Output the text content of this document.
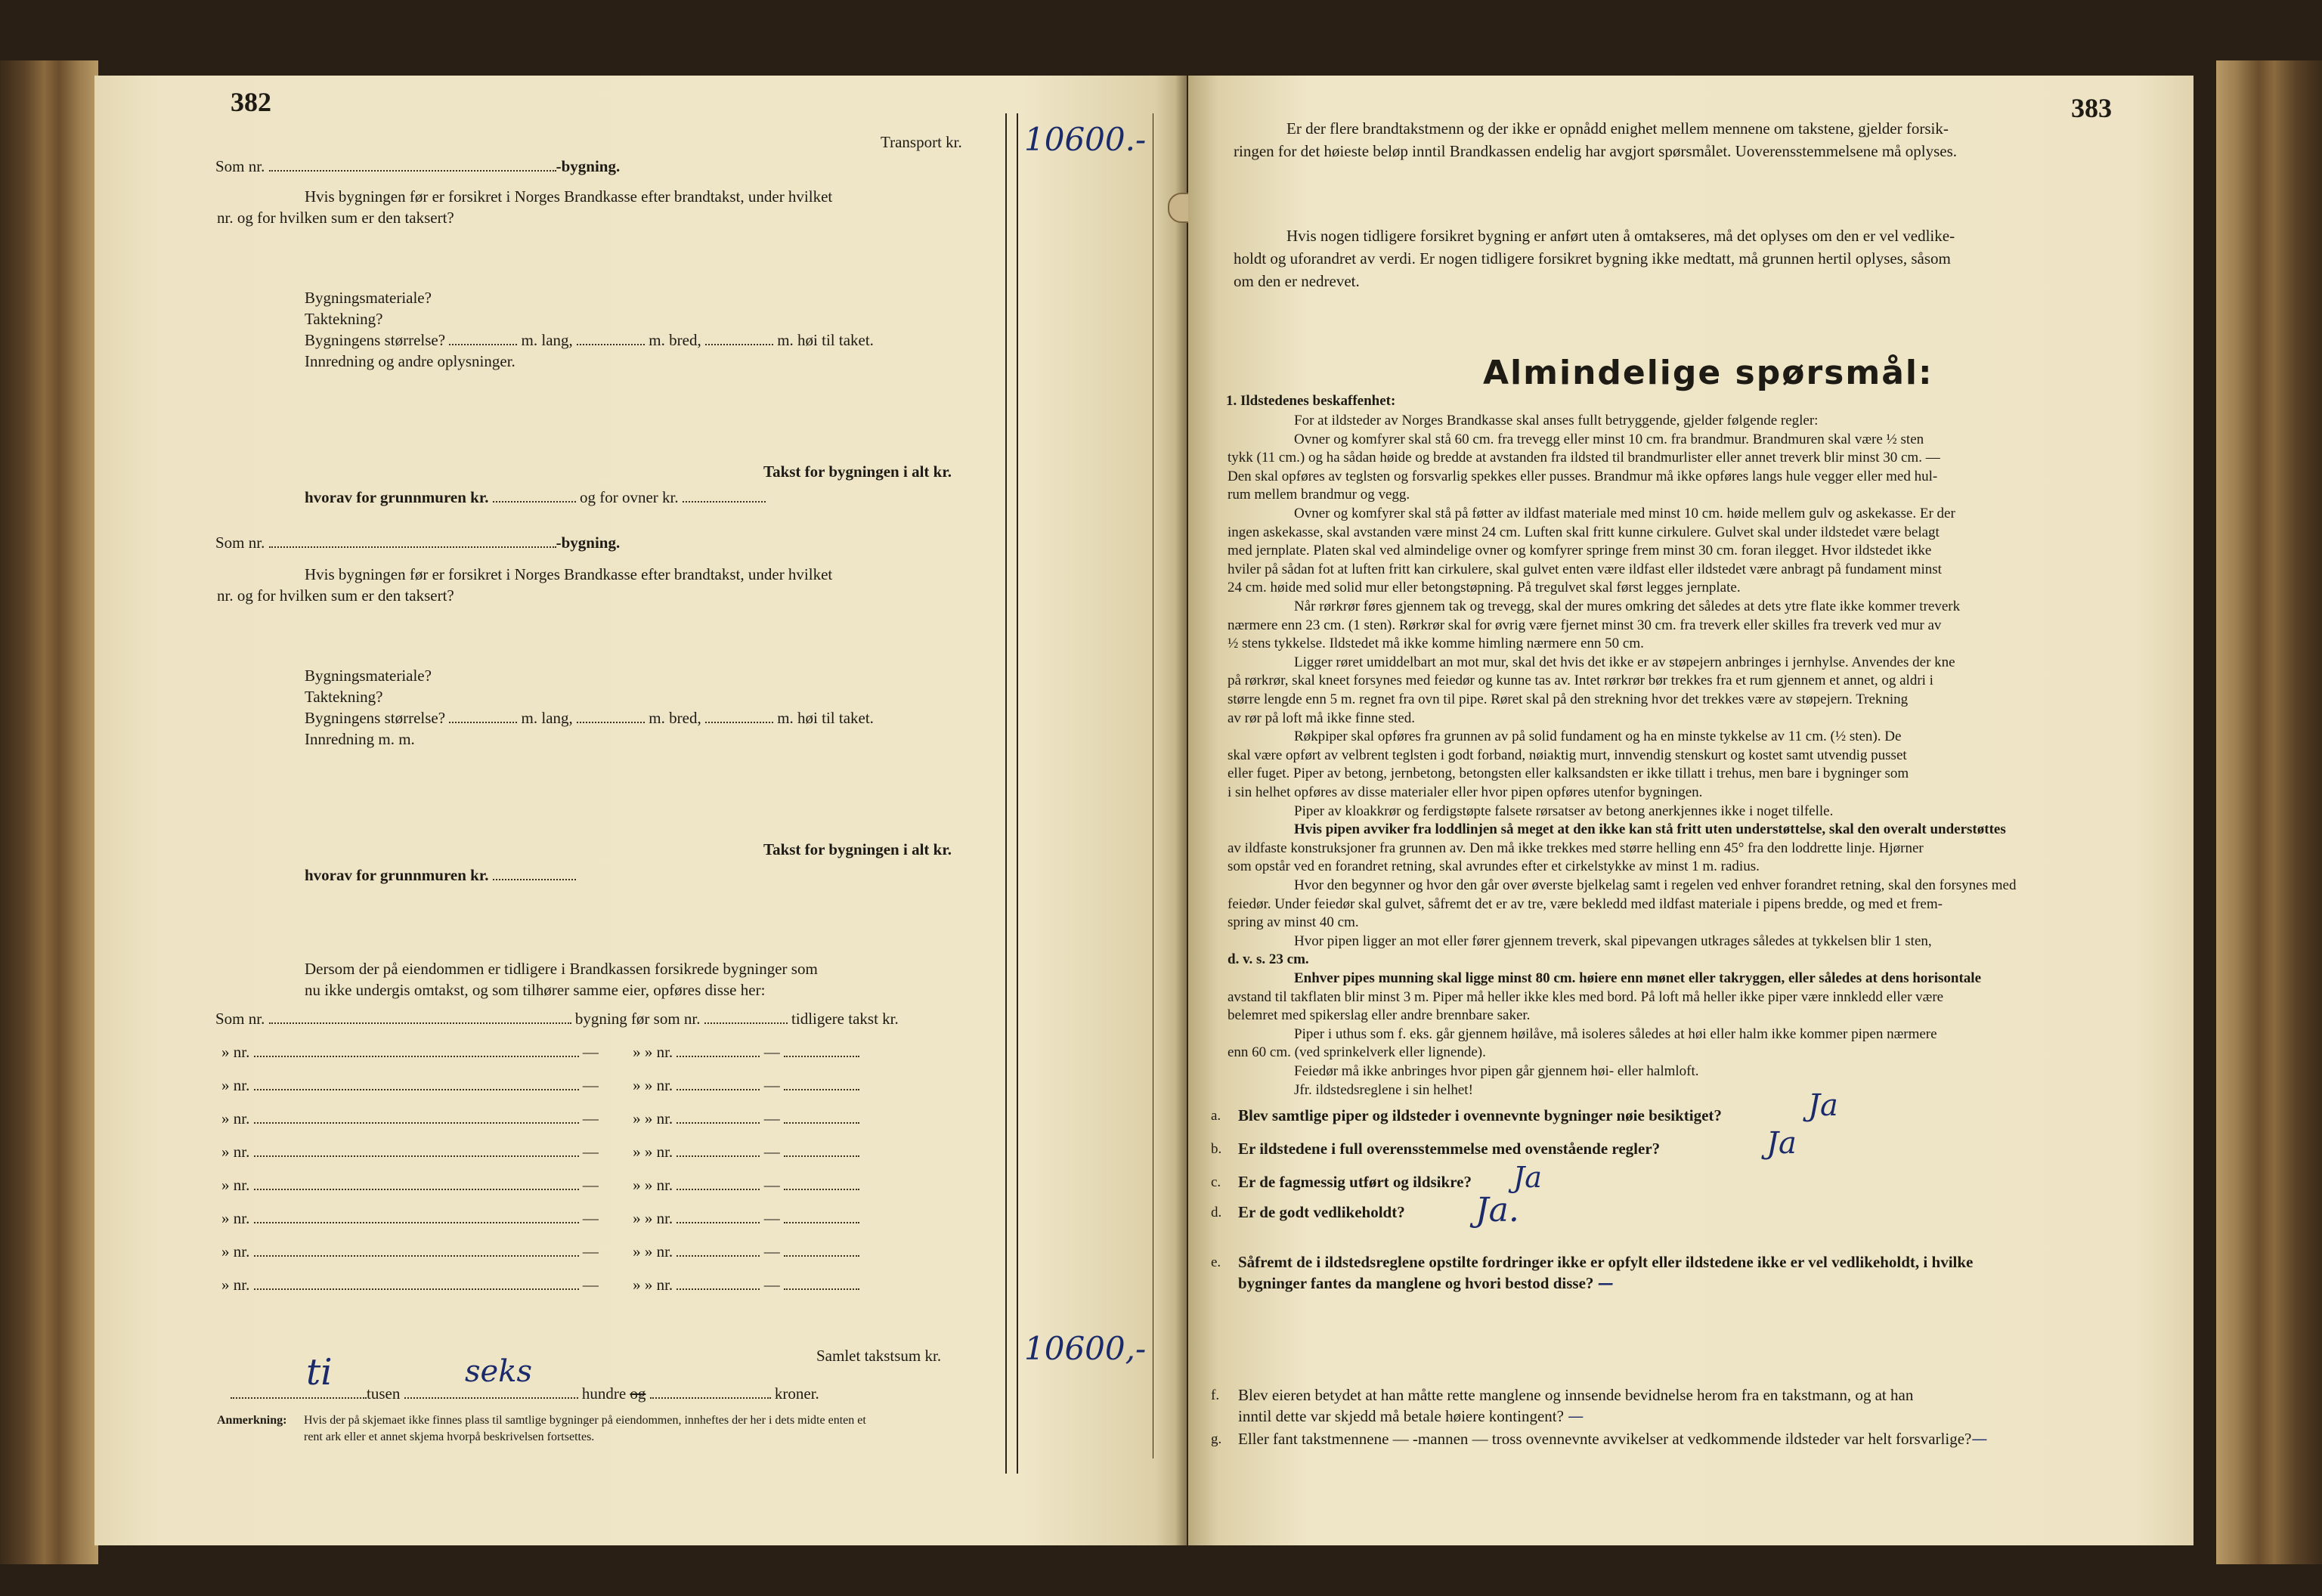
382
Transport kr. 10600.-
Som nr.	-bygning.
Hvis bygningen før er forsikret i Norges Brandkasse efter brandtakst, under hvilket
nr. og for hvilken sum er den taksert?
Bygningsmateriale?
Taktekning?
Bygningens størrelse?	m. lang,	m. bred,	m. høi til taket.
Innredning og andre oplysninger.
Takst for bygningen i alt kr.
hvorav for grunnmuren kr.	og for ovner kr.
Som nr.	-bygning.
Hvis bygningen før er forsikret i Norges Brandkasse efter brandtakst, under hvilket
nr. og for hvilken sum er den taksert?
Bygningsmateriale?
Taktekning?
Bygningens størrelse?	m. lang,	m. bred,	m. høi til taket.
Innredning m. m.
Takst for bygningen i alt kr.
hvorav for grunnmuren kr.
Dersom der på eiendommen er tidligere i Brandkassen forsikrede bygninger som
nu ikke undergis omtakst, og som tilhører samme eier, opføres disse her:
Som nr.	bygning før som nr.	tidligere takst kr.
» nr.	— » » nr.	—
» nr.	— » » nr.	—
» nr.	— » » nr.	—
» nr.	— » » nr.	—
» nr.	— » » nr.	—
» nr.	— » » nr.	—
» nr.	— » » nr.	—
» nr.	— » » nr.	—
Samlet takstsum kr.	10600,-
ti	seks
tusen	hundre og	kroner.
Anmerkning: Hvis der på skjemaet ikke finnes plass til samtlige bygninger på eiendommen, innheftes der her i dets midte enten et
rent ark eller et annet skjema hvorpå beskrivelsen fortsettes.
383
Er der flere brandtakstmenn og der ikke er opnådd enighet mellem mennene om takstene, gjelder forsik-
ringen for det høieste beløp inntil Brandkassen endelig har avgjort spørsmålet. Uoverensstemmelsene må oplyses.
Hvis nogen tidligere forsikret bygning er anført uten å omtakseres, må det oplyses om den er vel vedlike-
holdt og uforandret av verdi. Er nogen tidligere forsikret bygning ikke medtatt, må grunnen hertil oplyses, såsom
om den er nedrevet.
Almindelige spørsmål:
1. Ildstedenes beskaffenhet:
For at ildsteder av Norges Brandkasse skal anses fullt betryggende, gjelder følgende regler:
Ovner og komfyrer skal stå 60 cm. fra trevegg eller minst 10 cm. fra brandmur. Brandmuren skal være ½ sten
tykk (11 cm.) og ha sådan høide og bredde at avstanden fra ildsted til brandmurlister eller annet treverk blir minst 30 cm. —
Den skal opføres av teglsten og forsvarlig spekkes eller pusses. Brandmur må ikke opføres langs hule vegger eller med hul-
rum mellem brandmur og vegg.
Ovner og komfyrer skal stå på føtter av ildfast materiale med minst 10 cm. høide mellem gulv og askekasse. Er der
ingen askekasse, skal avstanden være minst 24 cm. Luften skal fritt kunne cirkulere. Gulvet skal under ildstedet være belagt
med jernplate. Platen skal ved almindelige ovner og komfyrer springe frem minst 30 cm. foran ilegget. Hvor ildstedet ikke
hviler på sådan fot at luften fritt kan cirkulere, skal gulvet enten være ildfast eller ildstedet være anbragt på fundament minst
24 cm. høide med solid mur eller betongstøpning. På tregulvet skal først legges jernplate.
Når rørkrør føres gjennem tak og trevegg, skal der mures omkring det således at dets ytre flate ikke kommer treverk
nærmere enn 23 cm. (1 sten). Rørkrør skal for øvrig være fjernet minst 30 cm. fra treverk eller skilles fra treverk ved mur av
½ stens tykkelse. Ildstedet må ikke komme himling nærmere enn 50 cm.
Ligger røret umiddelbart an mot mur, skal det hvis det ikke er av støpejern anbringes i jernhylse. Anvendes der kne
på rørkrør, skal kneet forsynes med feiedør og kunne tas av. Intet rørkrør bør trekkes fra et rum gjennem et annet, og aldri i
større lengde enn 5 m. regnet fra ovn til pipe. Røret skal på den strekning hvor det trekkes være av støpejern. Trekning
av rør på loft må ikke finne sted.
Røkpiper skal opføres fra grunnen av på solid fundament og ha en minste tykkelse av 11 cm. (½ sten). De
skal være opført av velbrent teglsten i godt forband, nøiaktig murt, innvendig stenskurt og kostet samt utvendig pusset
eller fuget. Piper av betong, jernbetong, betongsten eller kalksandsten er ikke tillatt i trehus, men bare i bygninger som
i sin helhet opføres av disse materialer eller hvor pipen opføres utenfor bygningen.
Piper av kloakkrør og ferdigstøpte falsete rørsatser av betong anerkjennes ikke i noget tilfelle.
Hvis pipen avviker fra loddlinjen så meget at den ikke kan stå fritt uten understøttelse, skal den overalt understøttes
av ildfaste konstruksjoner fra grunnen av. Den må ikke trekkes med større helling enn 45° fra den loddrette linje. Hjørner
som opstår ved en forandret retning, skal avrundes efter et cirkelstykke av minst 1 m. radius.
Hvor den begynner og hvor den går over øverste bjelkelag samt i regelen ved enhver forandret retning, skal den forsynes med
feiedør. Under feiedør skal gulvet, såfremt det er av tre, være bekledd med ildfast materiale i pipens bredde, og med et frem-
spring av minst 40 cm.
Hvor pipen ligger an mot eller fører gjennem treverk, skal pipevangen utkrages således at tykkelsen blir 1 sten,
d. v. s. 23 cm.
Enhver pipes munning skal ligge minst 80 cm. høiere enn mønet eller takryggen, eller således at dens horisontale
avstand til takflaten blir minst 3 m. Piper må heller ikke kles med bord. På loft må heller ikke piper være innkledd eller være
belemret med spikerslag eller andre brennbare saker.
Piper i uthus som f. eks. går gjennem høilåve, må isoleres således at høi eller halm ikke kommer pipen nærmere
enn 60 cm. (ved sprinkelverk eller lignende).
Feiedør må ikke anbringes hvor pipen går gjennem høi- eller halmloft.
Jfr. ildstedsreglene i sin helhet!
a. Blev samtlige piper og ildsteder i ovennevnte bygninger nøie besiktiget?	Ja
b. Er ildstedene i full overensstemmelse med ovenstående regler?	Ja
c. Er de fagmessig utført og ildsikre? Ja
d. Er de godt vedlikeholdt? Ja.
e. Såfremt de i ildstedsreglene opstilte fordringer ikke er opfylt eller ildstedene ikke er vel vedlikeholdt, i hvilke
bygninger fantes da manglene og hvori bestod disse? —
f. Blev eieren betydet at han måtte rette manglene og innsende bevidnelse herom fra en takstmann, og at han
inntil dette var skjedd må betale høiere kontingent? —
g. Eller fant takstmennene — -mannen — tross ovennevnte avvikelser at vedkommende ildsteder var helt forsvarlige?—
